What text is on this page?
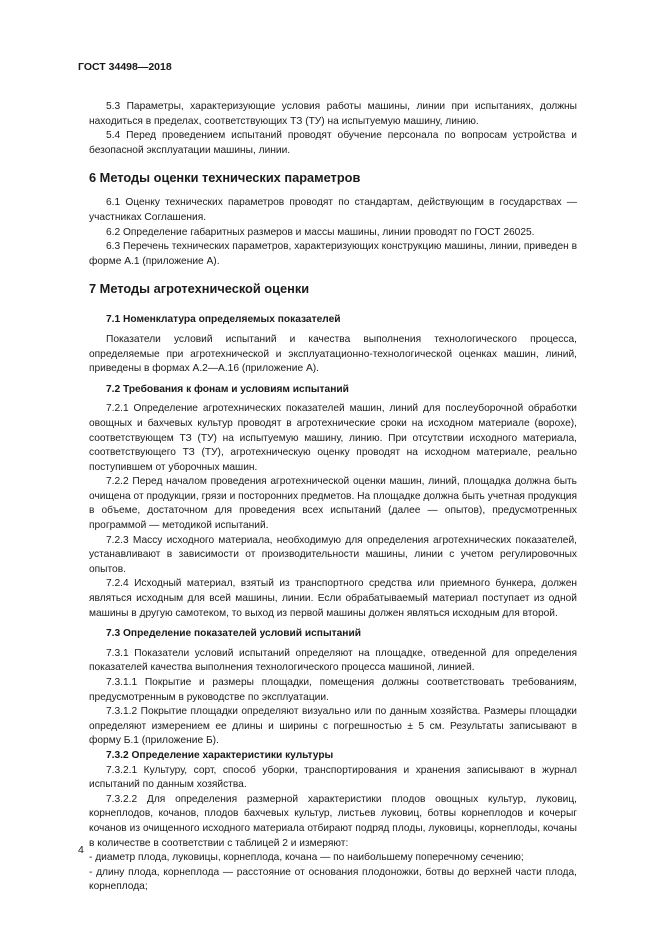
ГОСТ 34498—2018

5.3 Параметры, характеризующие условия работы машины, линии при испытаниях, должны находиться в пределах, соответствующих ТЗ (ТУ) на испытуемую машину, линию.

5.4 Перед проведением испытаний проводят обучение персонала по вопросам устройства и безопасной эксплуатации машины, линии.

6 Методы оценки технических параметров

6.1 Оценку технических параметров проводят по стандартам, действующим в государствах — участниках Соглашения.

6.2 Определение габаритных размеров и массы машины, линии проводят по ГОСТ 26025.

6.3 Перечень технических параметров, характеризующих конструкцию машины, линии, приведен в форме А.1 (приложение А).

7 Методы агротехнической оценки
7.1 Номенклатура определяемых показателей

Показатели условий испытаний и качества выполнения технологического процесса, определяемые при агротехнической и эксплуатационно-технологической оценках машин, линий, приведены в формах А.2—А.16 (приложение А).

7.2 Требования к фонам и условиям испытаний

7.2.1 Определение агротехнических показателей машин, линий для послеуборочной обработки овощных и бахчевых культур проводят в агротехнические сроки на исходном материале (ворохе), соответствующем ТЗ (ТУ) на испытуемую машину, линию. При отсутствии исходного материала, соответствующего ТЗ (ТУ), агротехническую оценку проводят на исходном материале, реально поступившем от уборочных машин.

7.2.2 Перед началом проведения агротехнической оценки машин, линий, площадка должна быть очищена от продукции, грязи и посторонних предметов. На площадке должна быть учетная продукция в объеме, достаточном для проведения всех испытаний (далее — опытов), предусмотренных программой — методикой испытаний.

7.2.3 Массу исходного материала, необходимую для определения агротехнических показателей, устанавливают в зависимости от производительности машины, линии с учетом регулировочных опытов.

7.2.4 Исходный материал, взятый из транспортного средства или приемного бункера, должен являться исходным для всей машины, линии. Если обрабатываемый материал поступает из одной машины в другую самотеком, то выход из первой машины должен являться исходным для второй.

7.3 Определение показателей условий испытаний

7.3.1 Показатели условий испытаний определяют на площадке, отведенной для определения показателей качества выполнения технологического процесса машиной, линией.

7.3.1.1 Покрытие и размеры площадки, помещения должны соответствовать требованиям, предусмотренным в руководстве по эксплуатации.

7.3.1.2 Покрытие площадки определяют визуально или по данным хозяйства. Размеры площадки определяют измерением ее длины и ширины с погрешностью ± 5 см. Результаты записывают в форму Б.1 (приложение Б).

7.3.2 Определение характеристики культуры

7.3.2.1 Культуру, сорт, способ уборки, транспортирования и хранения записывают в журнал испытаний по данным хозяйства.

7.3.2.2 Для определения размерной характеристики плодов овощных культур, луковиц, корнеплодов, кочанов, плодов бахчевых культур, листьев луковиц, ботвы корнеплодов и кочерыг кочанов из очищенного исходного материала отбирают подряд плоды, луковицы, корнеплоды, кочаны в количестве в соответствии с таблицей 2 и измеряют:

- диаметр плода, луковицы, корнеплода, кочана — по наибольшему поперечному сечению;

- длину плода, корнеплода — расстояние от основания плодоножки, ботвы до верхней части плода, корнеплода;

4
